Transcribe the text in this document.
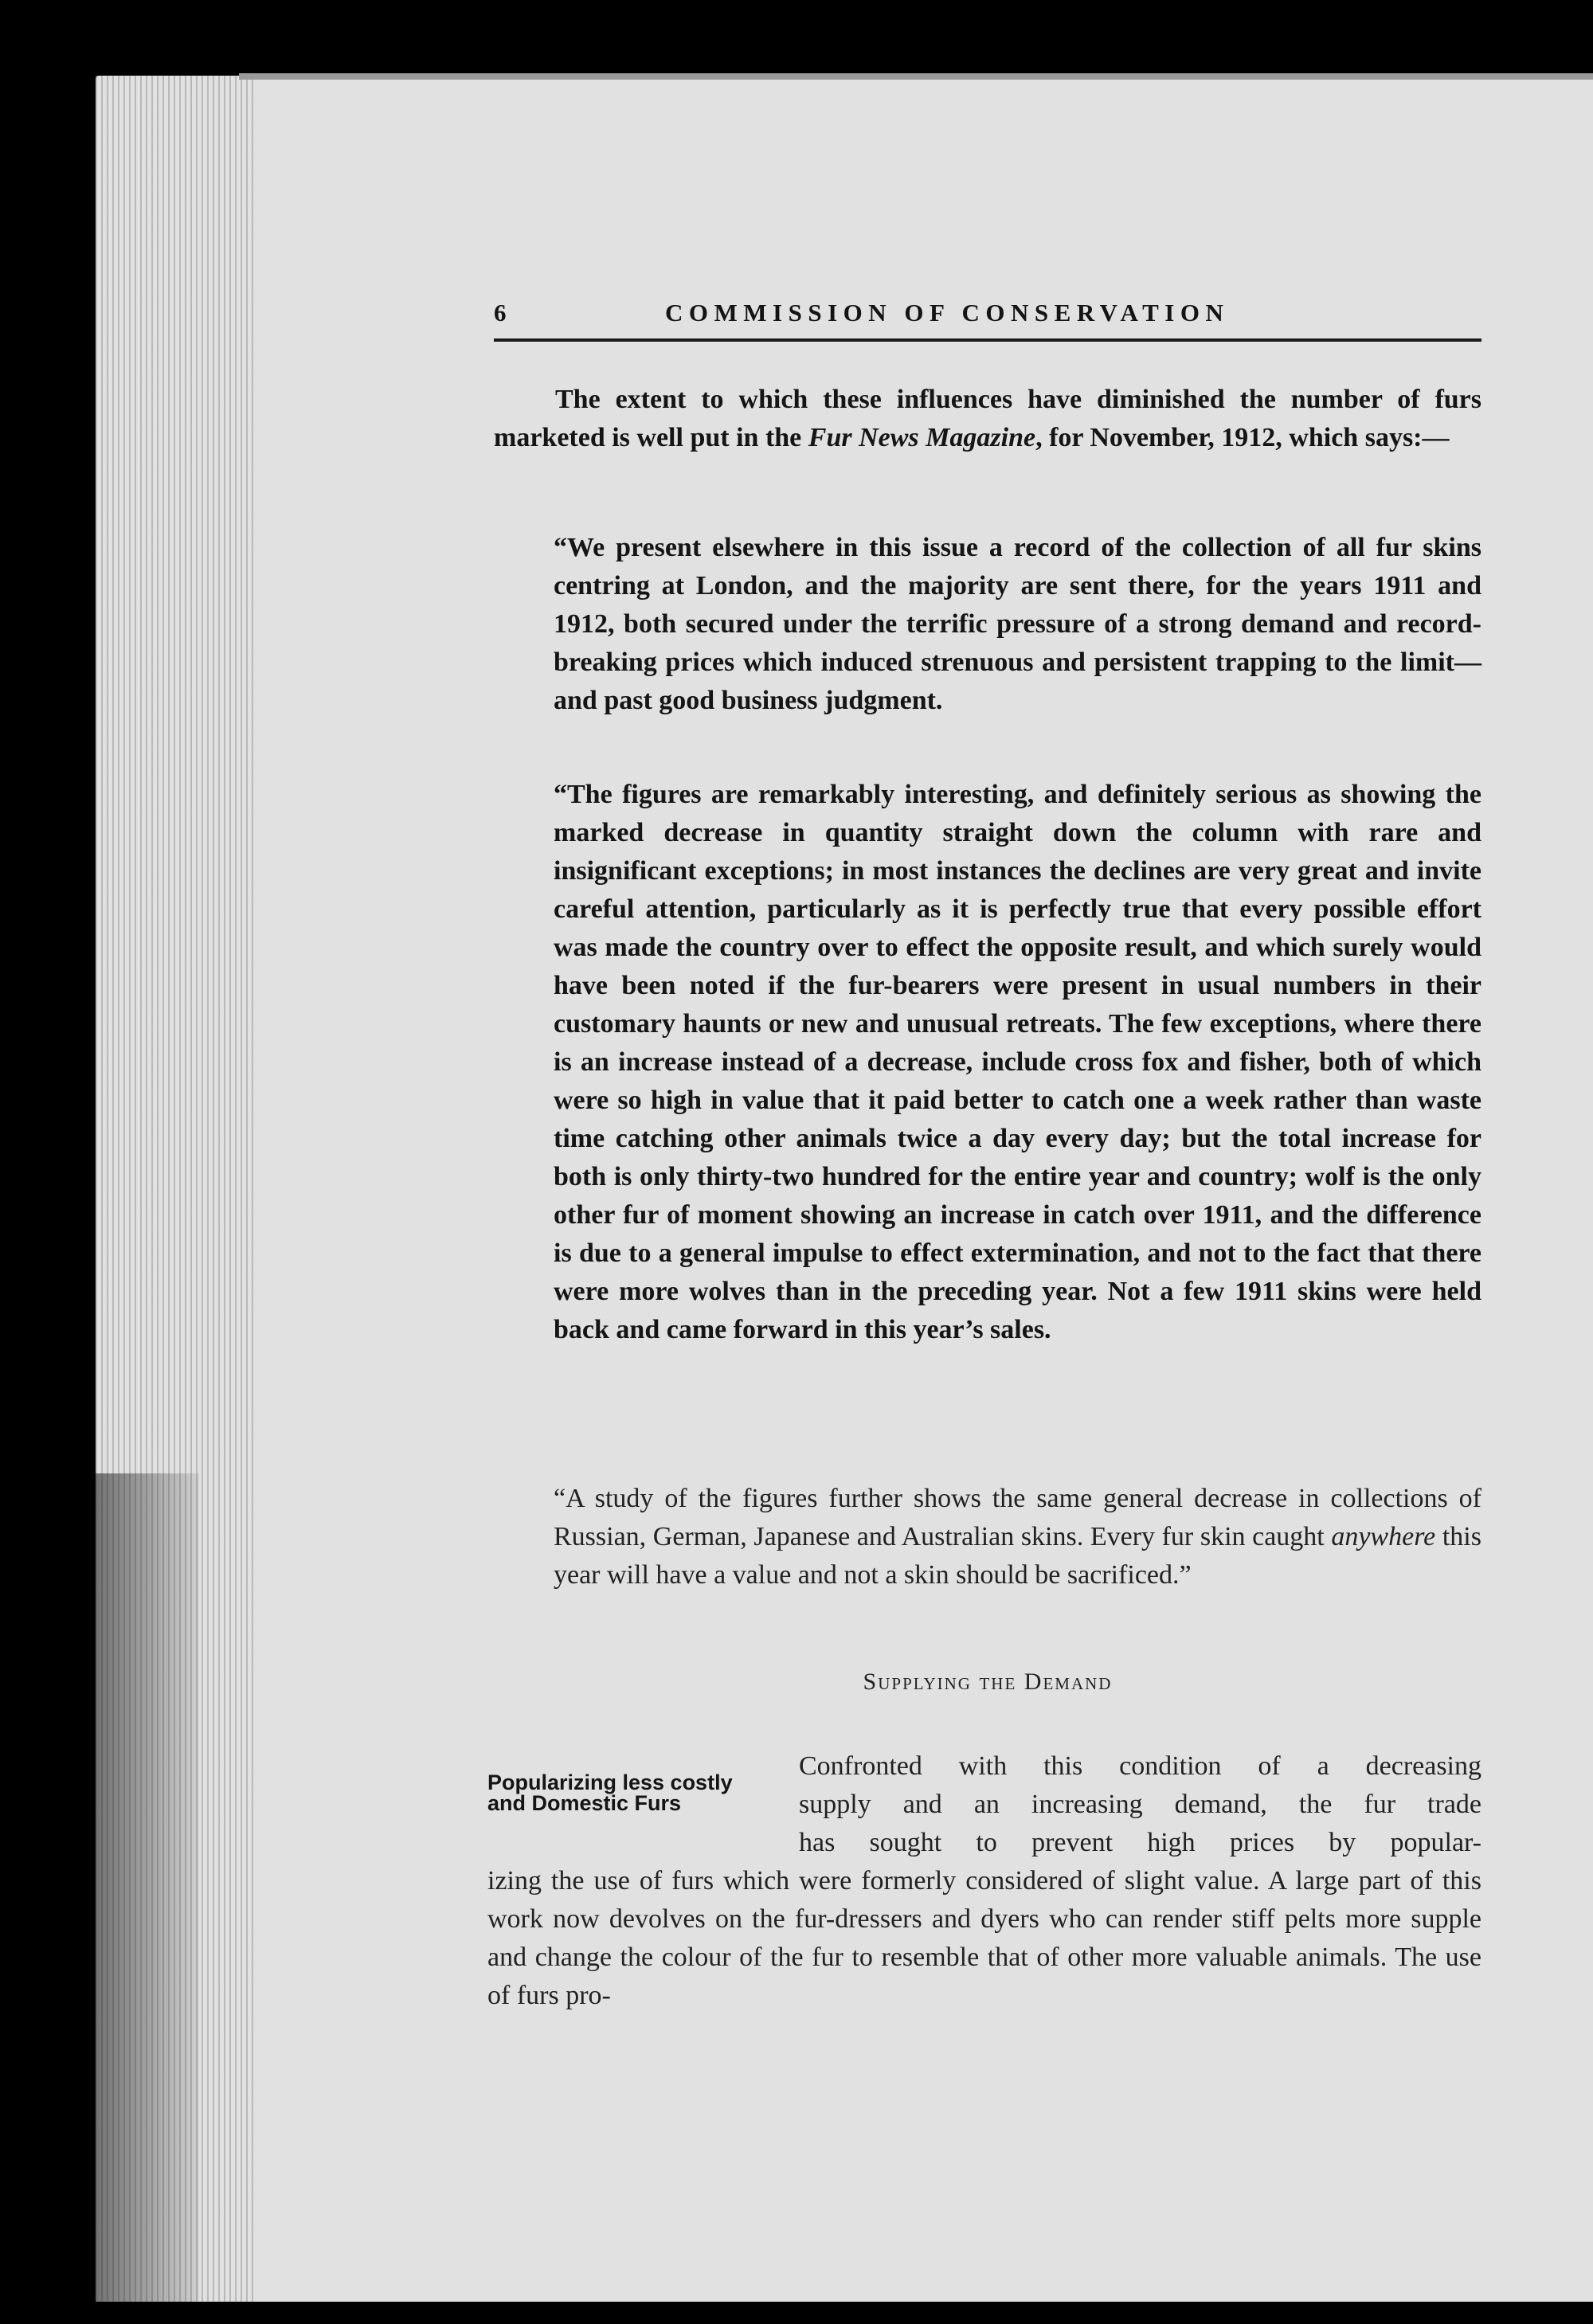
6	COMMISSION OF CONSERVATION

The extent to which these influences have diminished the number of furs marketed is well put in the Fur News Magazine, for November, 1912, which says:—

“We present elsewhere in this issue a record of the collection of all fur skins centring at London, and the majority are sent there, for the years 1911 and 1912, both secured under the terrific pressure of a strong demand and record-breaking prices which induced strenuous and persistent trapping to the limit—and past good business judgment.

“The figures are remarkably interesting, and definitely serious as showing the marked decrease in quantity straight down the column with rare and insignificant exceptions; in most instances the declines are very great and invite careful attention, particularly as it is perfectly true that every possible effort was made the country over to effect the opposite result, and which surely would have been noted if the fur-bearers were present in usual numbers in their customary haunts or new and unusual retreats. The few exceptions, where there is an increase instead of a decrease, include cross fox and fisher, both of which were so high in value that it paid better to catch one a week rather than waste time catching other animals twice a day every day; but the total increase for both is only thirty-two hundred for the entire year and country; wolf is the only other fur of moment showing an increase in catch over 1911, and the difference is due to a general impulse to effect extermination, and not to the fact that there were more wolves than in the preceding year. Not a few 1911 skins were held back and came forward in this year’s sales.

“A study of the figures further shows the same general decrease in collections of Russian, German, Japanese and Australian skins. Every fur skin caught anywhere this year will have a value and not a skin should be sacrificed.”

Supplying the Demand
Popularizing less costly
and Domestic Furs
Confronted with this condition of a decreasing
supply and an increasing demand, the fur trade
has sought to prevent high prices by popular-

izing the use of furs which were formerly considered of slight value. A large part of this work now devolves on the fur-dressers and dyers who can render stiff pelts more supple and change the colour of the fur to resemble that of other more valuable animals. The use of furs pro-
